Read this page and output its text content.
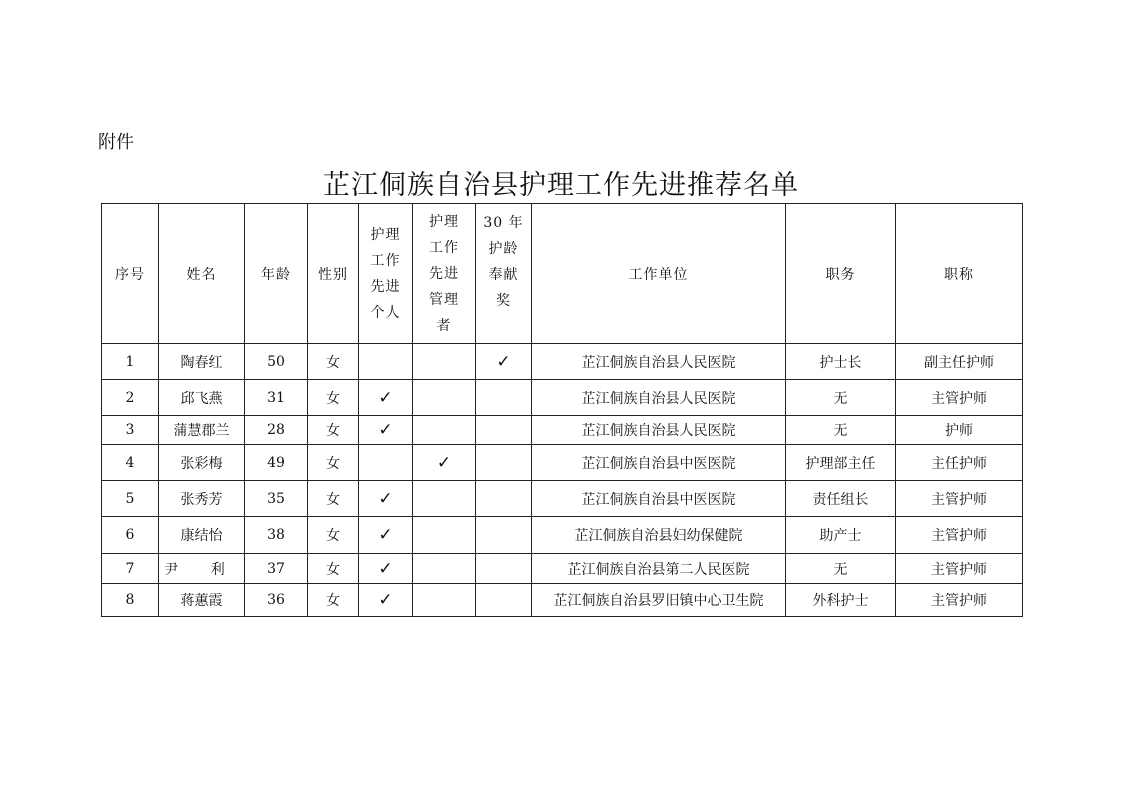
附件
芷江侗族自治县护理工作先进推荐名单
序号	姓名	年龄	性别	护理
工作
先进
个人	护理
工作
先进
管理
者	30 年
护龄
奉献
奖	工作单位	职务	职称
1	陶春红	50	女			✓	芷江侗族自治县人民医院	护士长	副主任护师
2	邱飞燕	31	女	✓			芷江侗族自治县人民医院	无	主管护师
3	蒲慧郡兰	28	女	✓			芷江侗族自治县人民医院	无	护师
4	张彩梅	49	女		✓		芷江侗族自治县中医医院	护理部主任	主任护师
5	张秀芳	35	女	✓			芷江侗族自治县中医医院	责任组长	主管护师
6	康结怡	38	女	✓			芷江侗族自治县妇幼保健院	助产士	主管护师
7	尹 利	37	女	✓			芷江侗族自治县第二人民医院	无	主管护师
8	蒋蕙霞	36	女	✓			芷江侗族自治县罗旧镇中心卫生院	外科护士	主管护师
